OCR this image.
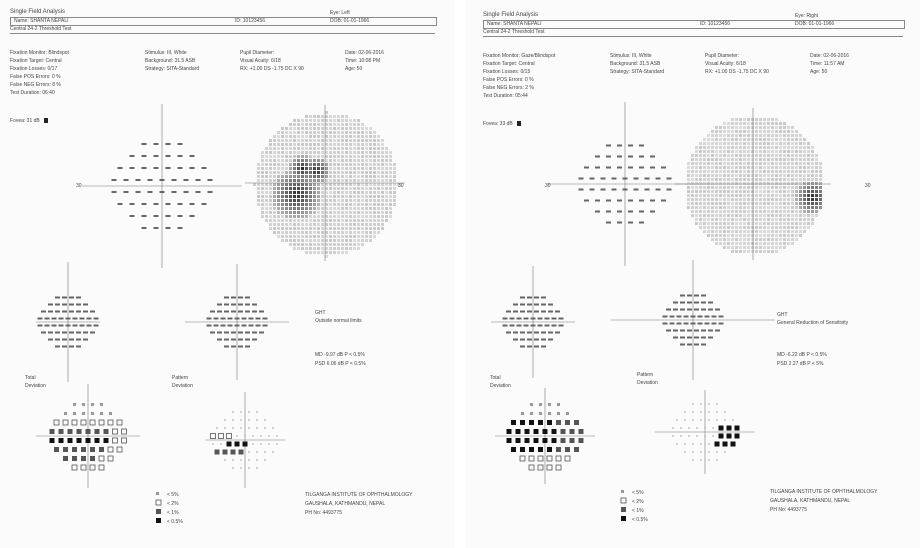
Single Field Analysis	Eye: Left
Name: SHANTA NEPALI	ID: 10123456	DOB: 01-01-1966
Central 24-2 Threshold Test
Fixation Monitor: Blindspot
Fixation Target: Central
Fixation Losses: 0/17
False POS Errors: 0 %
False NEG Errors: 8 %
Test Duration: 06:40
Stimulus: III, White
Background: 31.5 ASB
Strategy: SITA-Standard
Pupil Diameter:
Visual Acuity: 6/18
RX: +1.00 DS -1.75 DC X 90
Date: 02-06-2016
Time: 10:08 PM
Age: 50
Fovea: 31 dB
30	30
GHT
Outside normal limits
MD -9.97 dB P < 0.5%
PSD 6.06 dB P < 0.5%
Total
Deviation
Pattern
Deviation
< 5%
< 2%
< 1%
< 0.5%
TILGANGA INSTITUTE OF OPHTHALMOLOGY
GAUSHALA, KATHMANDU, NEPAL
PH No: 4493775
Single Field Analysis	Eye: Right
Name: SHANTA NEPALI	ID: 10123456	DOB: 01-01-1966
Central 24-2 Threshold Test
Fixation Monitor: Gaze/Blindspot
Fixation Target: Central
Fixation Losses: 0/15
False POS Errors: 0 %
False NEG Errors: 2 %
Test Duration: 05:44
Stimulus: III, White
Background: 31.5 ASB
Strategy: SITA-Standard
Pupil Diameter:
Visual Acuity: 6/18
RX: +1.00 DS -1.75 DC X 90
Date: 02-06-2016
Time: 11:57 AM
Age: 50
Fovea: 33 dB
30	30
GHT
General Reduction of Sensitivity
MD -6.22 dB P < 0.5%
PSD 2.27 dB P < 5%
Total
Deviation
Pattern
Deviation
< 5%
< 2%
< 1%
< 0.5%
TILGANGA INSTITUTE OF OPHTHALMOLOGY
GAUSHALA, KATHMANDU, NEPAL
PH No: 4493775
